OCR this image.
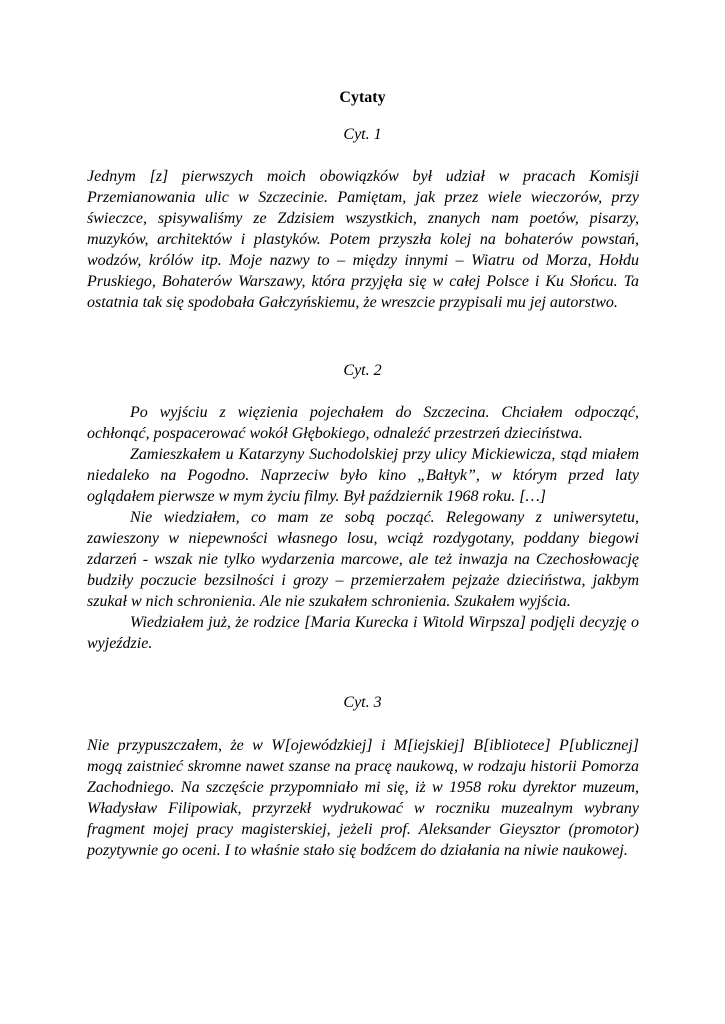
Cytaty
Cyt. 1

Jednym [z] pierwszych moich obowiązków był udział w pracach Komisji Przemianowania ulic w Szczecinie. Pamiętam, jak przez wiele wieczorów, przy świeczce, spisywaliśmy ze Zdzisiem wszystkich, znanych nam poetów, pisarzy, muzyków, architektów i plastyków. Potem przyszła kolej na bohaterów powstań, wodzów, królów itp. Moje nazwy to – między innymi – Wiatru od Morza, Hołdu Pruskiego, Bohaterów Warszawy, która przyjęła się w całej Polsce i Ku Słońcu. Ta ostatnia tak się spodobała Gałczyńskiemu, że wreszcie przypisali mu jej autorstwo.

Cyt. 2

Po wyjściu z więzienia pojechałem do Szczecina. Chciałem odpocząć, ochłonąć, pospacerować wokół Głębokiego, odnaleźć przestrzeń dzieciństwa.

Zamieszkałem u Katarzyny Suchodolskiej przy ulicy Mickiewicza, stąd miałem niedaleko na Pogodno. Naprzeciw było kino „Bałtyk”, w którym przed laty oglądałem pierwsze w mym życiu filmy. Był październik 1968 roku. […]

Nie wiedziałem, co mam ze sobą począć. Relegowany z uniwersytetu, zawieszony w niepewności własnego losu, wciąż rozdygotany, poddany biegowi zdarzeń - wszak nie tylko wydarzenia marcowe, ale też inwazja na Czechosłowację budziły poczucie bezsilności i grozy – przemierzałem pejzaże dzieciństwa, jakbym szukał w nich schronienia. Ale nie szukałem schronienia. Szukałem wyjścia.

Wiedziałem już, że rodzice [Maria Kurecka i Witold Wirpsza] podjęli decyzję o wyjeździe.

Cyt. 3

Nie przypuszczałem, że w W[ojewódzkiej] i M[iejskiej] B[ibliotece] P[ublicznej] mogą zaistnieć skromne nawet szanse na pracę naukową, w rodzaju historii Pomorza Zachodniego. Na szczęście przypomniało mi się, iż w 1958 roku dyrektor muzeum, Władysław Filipowiak, przyrzekł wydrukować w roczniku muzealnym wybrany fragment mojej pracy magisterskiej, jeżeli prof. Aleksander Gieysztor (promotor) pozytywnie go oceni. I to właśnie stało się bodźcem do działania na niwie naukowej.
